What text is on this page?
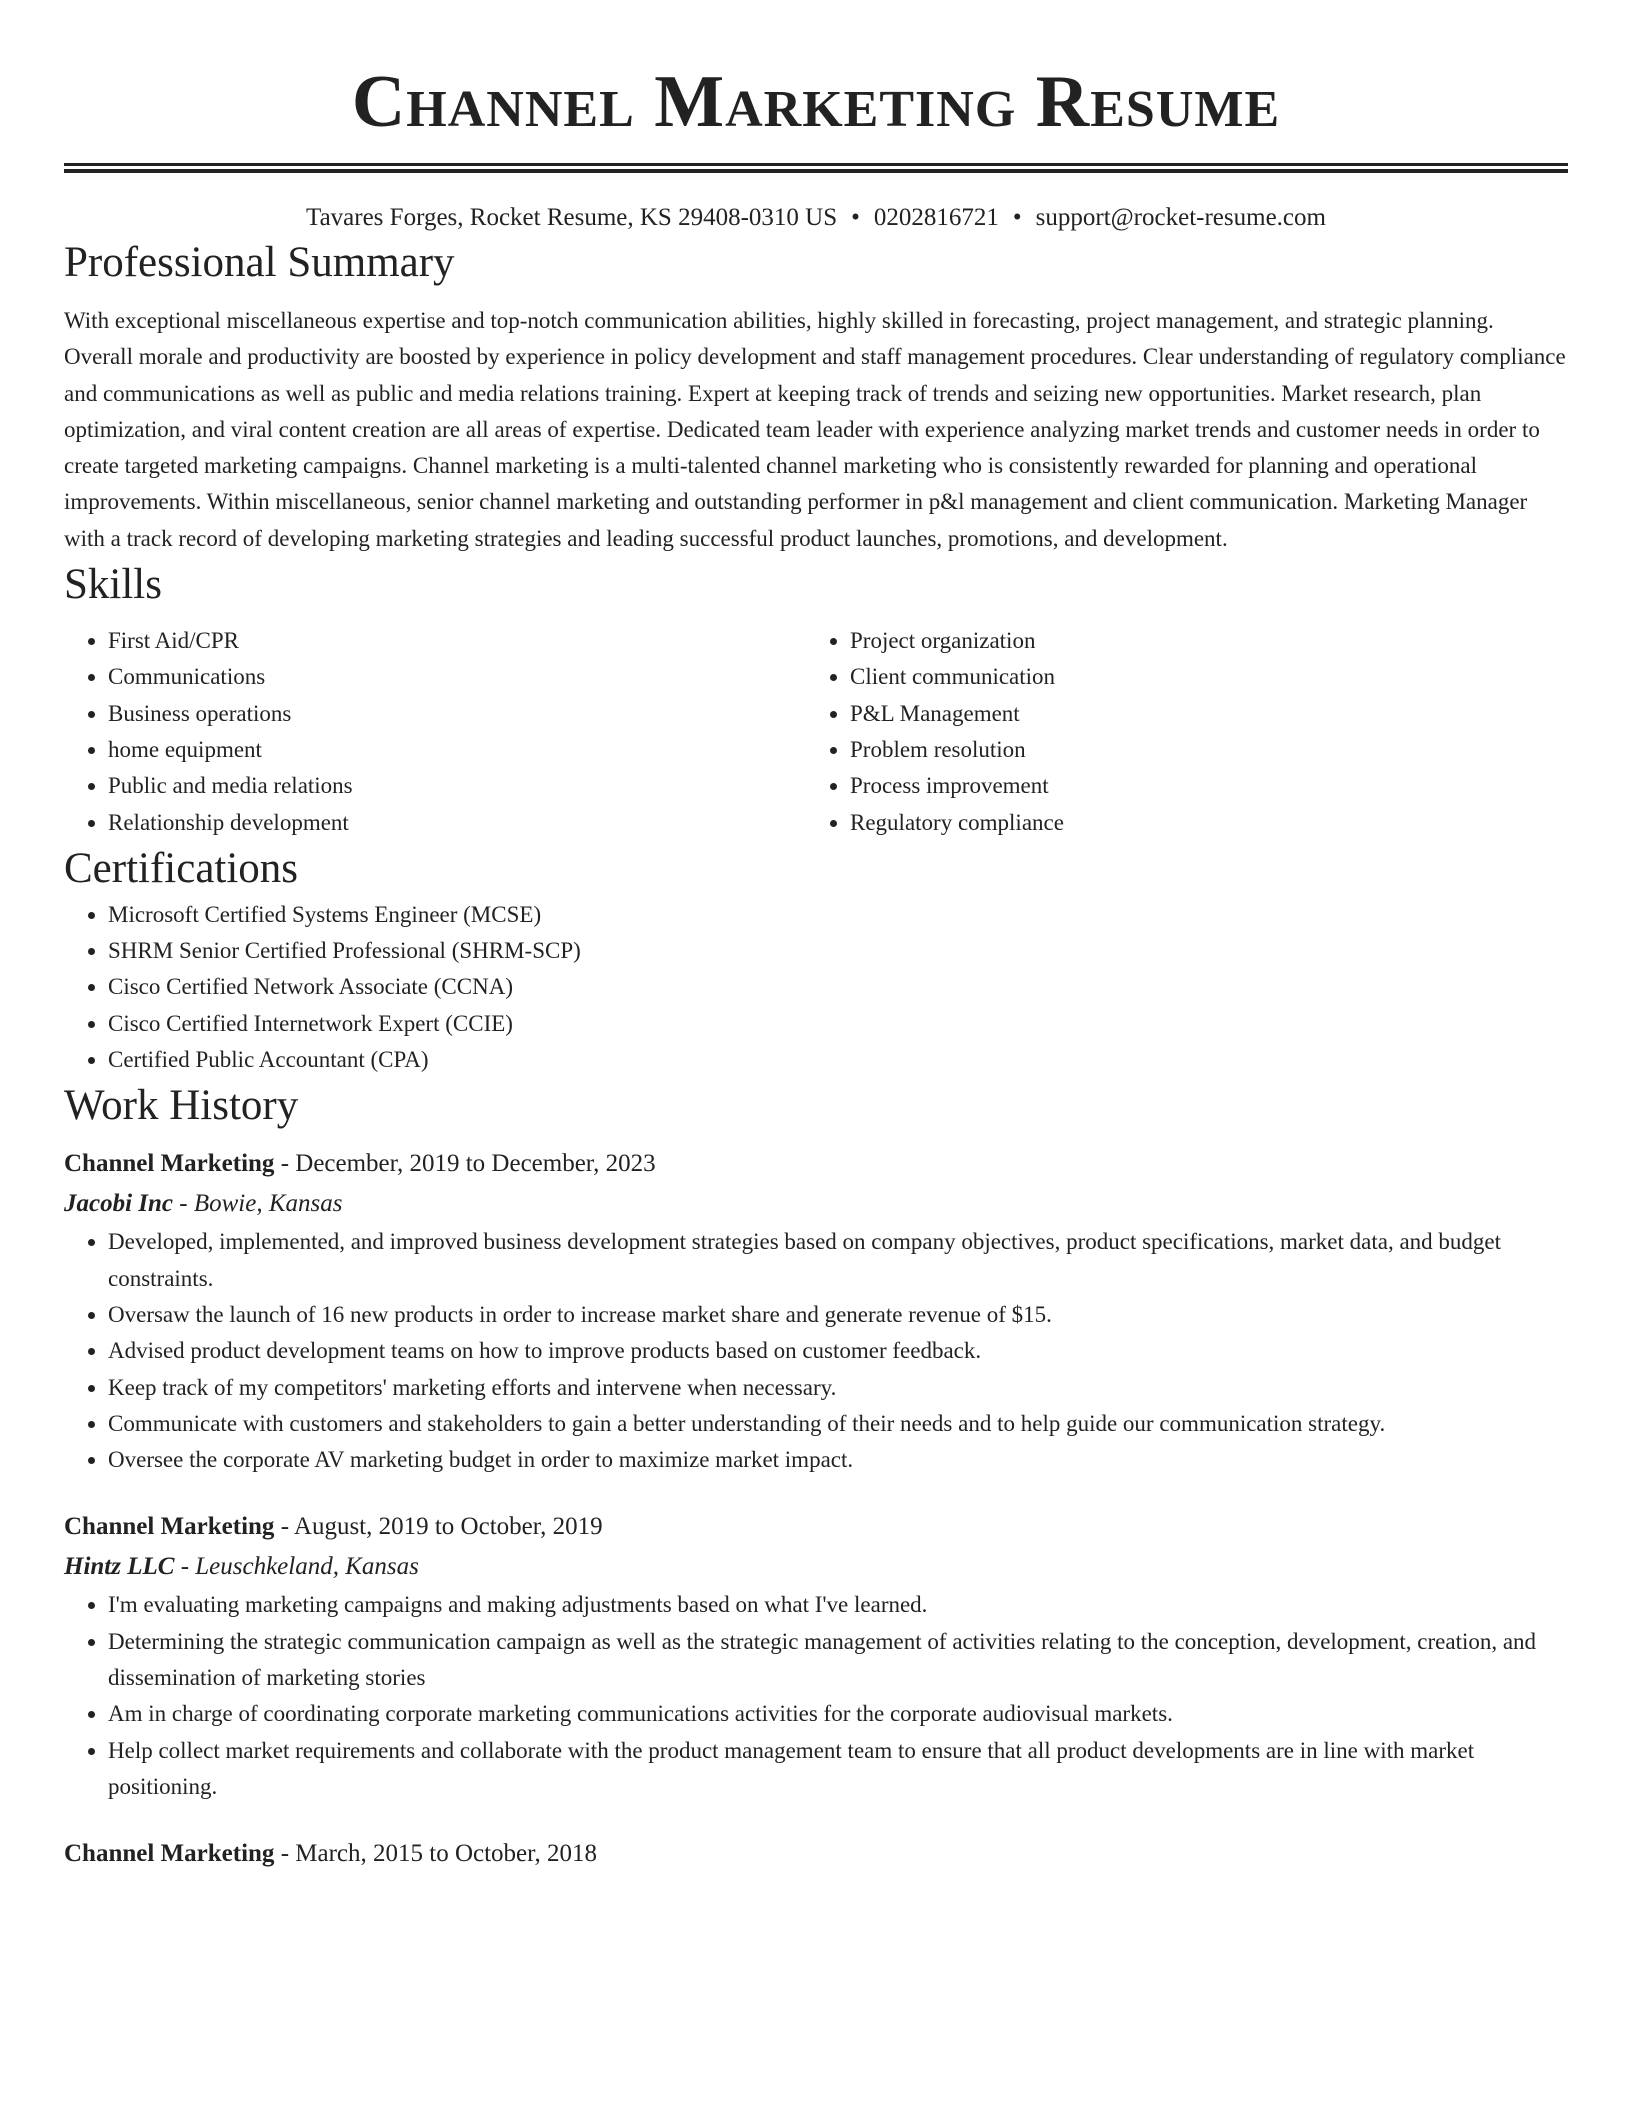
Channel Marketing Resume
Tavares Forges, Rocket Resume, KS 29408-0310 US • 0202816721 • support@rocket-resume.com
Professional Summary

With exceptional miscellaneous expertise and top-notch communication abilities, highly skilled in forecasting, project management, and strategic planning. Overall morale and productivity are boosted by experience in policy development and staff management procedures. Clear understanding of regulatory compliance and communications as well as public and media relations training. Expert at keeping track of trends and seizing new opportunities. Market research, plan optimization, and viral content creation are all areas of expertise. Dedicated team leader with experience analyzing market trends and customer needs in order to create targeted marketing campaigns. Channel marketing is a multi-talented channel marketing who is consistently rewarded for planning and operational improvements. Within miscellaneous, senior channel marketing and outstanding performer in p&l management and client communication. Marketing Manager with a track record of developing marketing strategies and leading successful product launches, promotions, and development.

Skills
• First Aid/CPR
• Communications
• Business operations
• home equipment
• Public and media relations
• Relationship development
• Project organization
• Client communication
• P&L Management
• Problem resolution
• Process improvement
• Regulatory compliance
Certifications
• Microsoft Certified Systems Engineer (MCSE)
• SHRM Senior Certified Professional (SHRM-SCP)
• Cisco Certified Network Associate (CCNA)
• Cisco Certified Internetwork Expert (CCIE)
• Certified Public Accountant (CPA)
Work History
Channel Marketing - December, 2019 to December, 2023
Jacobi Inc - Bowie, Kansas
• Developed, implemented, and improved business development strategies based on company objectives, product specifications, market data, and budget constraints.
• Oversaw the launch of 16 new products in order to increase market share and generate revenue of $15.
• Advised product development teams on how to improve products based on customer feedback.
• Keep track of my competitors' marketing efforts and intervene when necessary.
• Communicate with customers and stakeholders to gain a better understanding of their needs and to help guide our communication strategy.
• Oversee the corporate AV marketing budget in order to maximize market impact.
Channel Marketing - August, 2019 to October, 2019
Hintz LLC - Leuschkeland, Kansas
• I'm evaluating marketing campaigns and making adjustments based on what I've learned.
• Determining the strategic communication campaign as well as the strategic management of activities relating to the conception, development, creation, and dissemination of marketing stories
• Am in charge of coordinating corporate marketing communications activities for the corporate audiovisual markets.
• Help collect market requirements and collaborate with the product management team to ensure that all product developments are in line with market positioning.
Channel Marketing - March, 2015 to October, 2018
